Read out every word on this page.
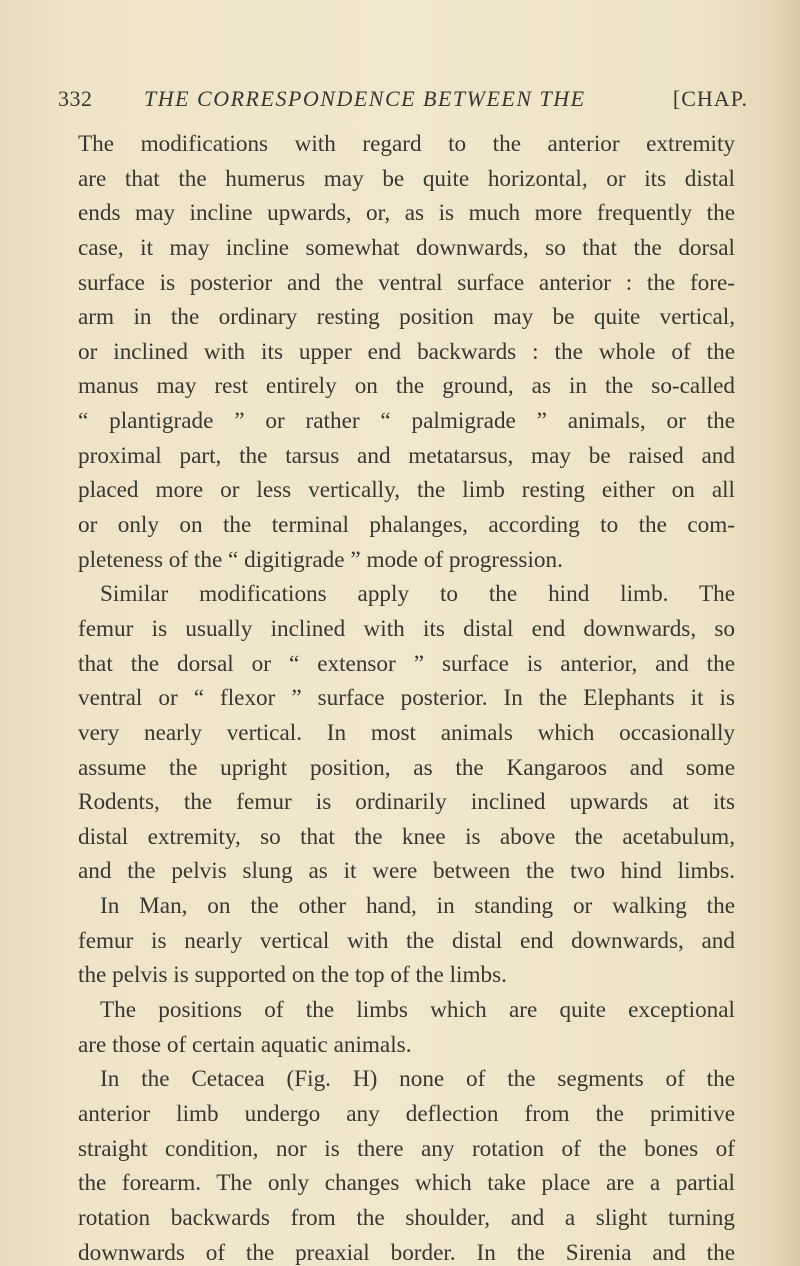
332 THE CORRESPONDENCE BETWEEN THE	[CHAP.
The modifications with regard to the anterior extremity
are that the humerus may be quite horizontal, or its distal
ends may incline upwards, or, as is much more frequently the
case, it may incline somewhat downwards, so that the dorsal
surface is posterior and the ventral surface anterior : the fore-
arm in the ordinary resting position may be quite vertical,
or inclined with its upper end backwards : the whole of the
manus may rest entirely on the ground, as in the so-called
“ plantigrade ” or rather “ palmigrade ” animals, or the
proximal part, the tarsus and metatarsus, may be raised and
placed more or less vertically, the limb resting either on all
or only on the terminal phalanges, according to the com-
pleteness of the “ digitigrade ” mode of progression.
Similar modifications apply to the hind limb. The
femur is usually inclined with its distal end downwards, so
that the dorsal or “ extensor ” surface is anterior, and the
ventral or “ flexor ” surface posterior. In the Elephants it is
very nearly vertical. In most animals which occasionally
assume the upright position, as the Kangaroos and some
Rodents, the femur is ordinarily inclined upwards at its
distal extremity, so that the knee is above the acetabulum,
and the pelvis slung as it were between the two hind limbs.
In Man, on the other hand, in standing or walking the
femur is nearly vertical with the distal end downwards, and
the pelvis is supported on the top of the limbs.
The positions of the limbs which are quite exceptional
are those of certain aquatic animals.
In the Cetacea (Fig. H) none of the segments of the
anterior limb undergo any deflection from the primitive
straight condition, nor is there any rotation of the bones of
the forearm. The only changes which take place are a partial
rotation backwards from the shoulder, and a slight turning
downwards of the preaxial border. In the Sirenia and the
